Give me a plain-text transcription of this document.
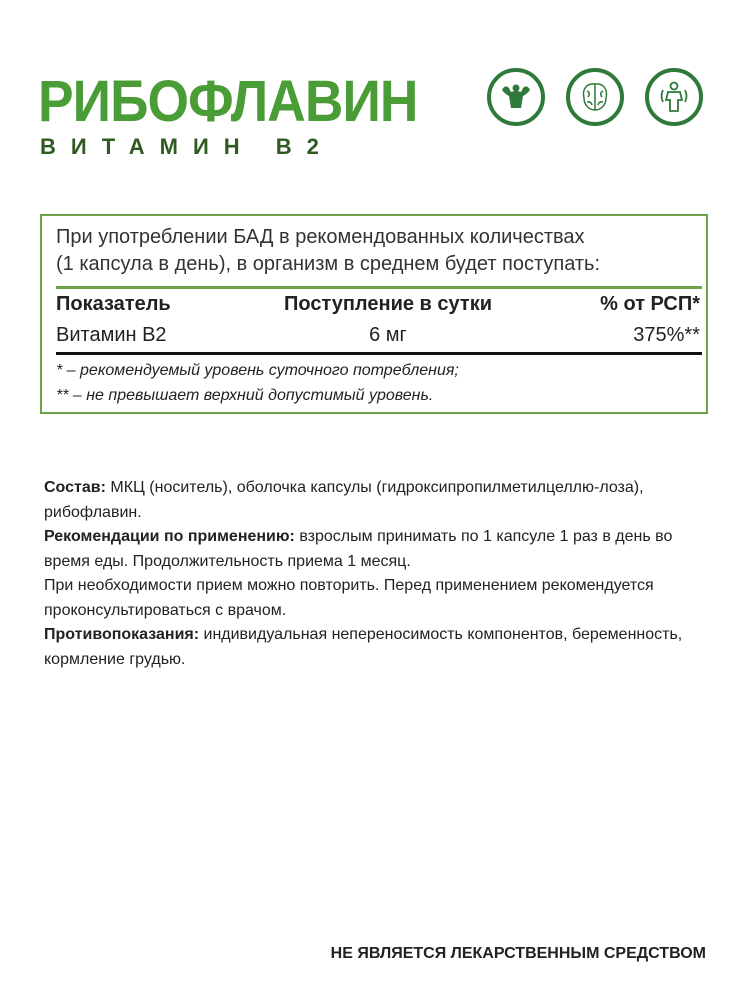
РИБОФЛАВИН
ВИТАМИН В2
При употреблении БАД в рекомендованных количествах
(1 капсула в день), в организм в среднем будет поступать:
Показатель	Поступление в сутки	% от РСП*
Витамин В2	6 мг	375%**
* – рекомендуемый уровень суточного потребления;
** – не превышает верхний допустимый уровень.
Состав: МКЦ (носитель), оболочка капсулы (гидроксипропилметилцеллю-лоза), рибофлавин.
Рекомендации по применению: взрослым принимать по 1 капсуле 1 раз в день во время еды. Продолжительность приема 1 месяц.
При необходимости прием можно повторить. Перед применением рекомендуется проконсультироваться с врачом.
Противопоказания: индивидуальная непереносимость компонентов, беременность, кормление грудью.
НЕ ЯВЛЯЕТСЯ ЛЕКАРСТВЕННЫМ СРЕДСТВОМ
